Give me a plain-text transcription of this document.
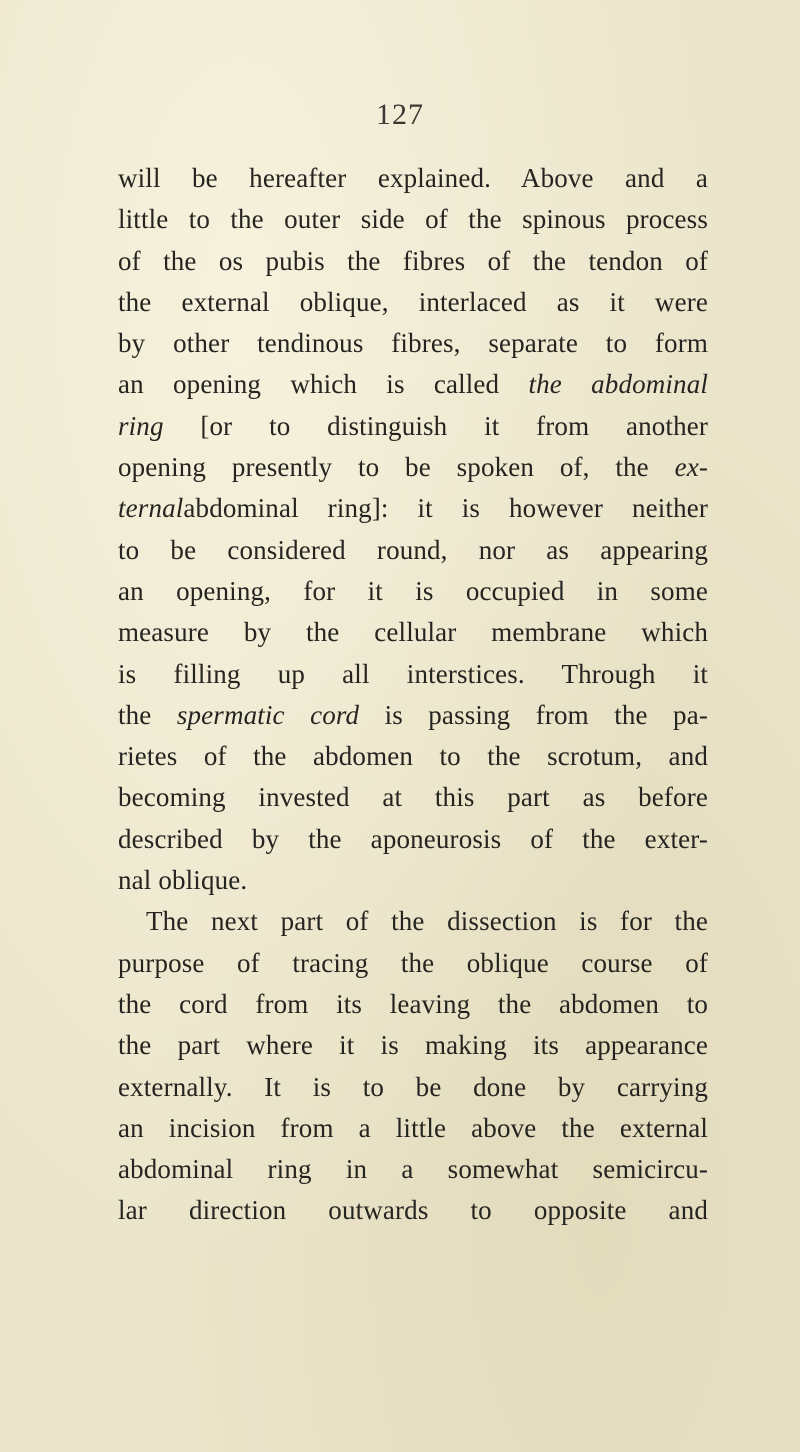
127
will be hereafter explained. Above and a
little to the outer side of the spinous process
of the os pubis the fibres of the tendon of
the external oblique, interlaced as it were
by other tendinous fibres, separate to form
an opening which is called the abdominal
ring [or to distinguish it from another
opening presently to be spoken of, the ex-
ternalabdominal ring]: it is however neither
to be considered round, nor as appearing
an opening, for it is occupied in some
measure by the cellular membrane which
is filling up all interstices. Through it
the spermatic cord is passing from the pa-
rietes of the abdomen to the scrotum, and
becoming invested at this part as before
described by the aponeurosis of the exter-
nal oblique.
The next part of the dissection is for the
purpose of tracing the oblique course of
the cord from its leaving the abdomen to
the part where it is making its appearance
externally. It is to be done by carrying
an incision from a little above the external
abdominal ring in a somewhat semicircu-
lar direction outwards to opposite and
